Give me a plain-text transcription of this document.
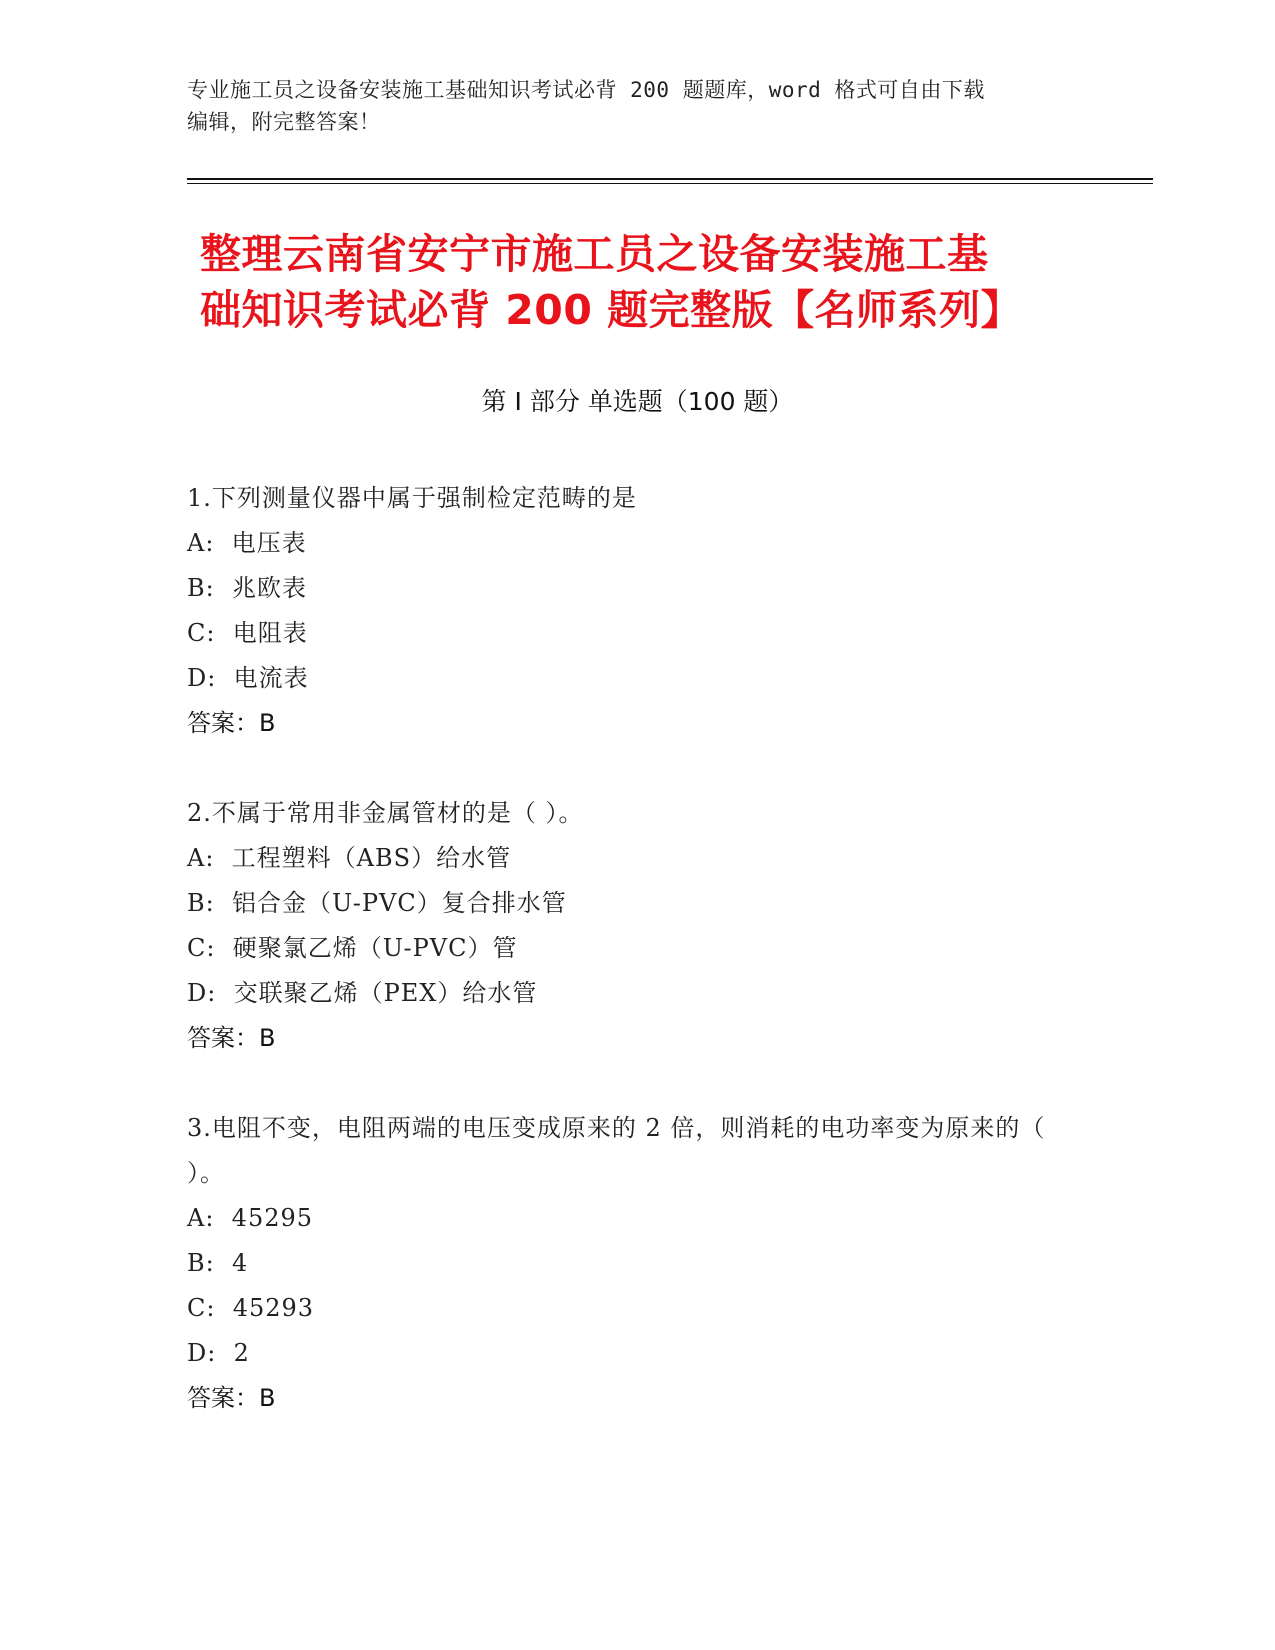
专业施工员之设备安装施工基础知识考试必背 200 题题库，word 格式可自由下载
编辑，附完整答案！
整理云南省安宁市施工员之设备安装施工基
础知识考试必背 200 题完整版【名师系列】
第 I 部分 单选题（100 题）
1.下列测量仪器中属于强制检定范畴的是
A:  电压表
B:  兆欧表
C:  电阻表
D:  电流表
答案：B
2.不属于常用非金属管材的是（ ）。
A:  工程塑料（ABS）给水管
B:  铝合金（U-PVC）复合排水管
C:  硬聚氯乙烯（U-PVC）管
D:  交联聚乙烯（PEX）给水管
答案：B
3.电阻不变，电阻两端的电压变成原来的 2 倍，则消耗的电功率变为原来的（ ）。
A:  45295
B:  4
C:  45293
D:  2
答案：B
